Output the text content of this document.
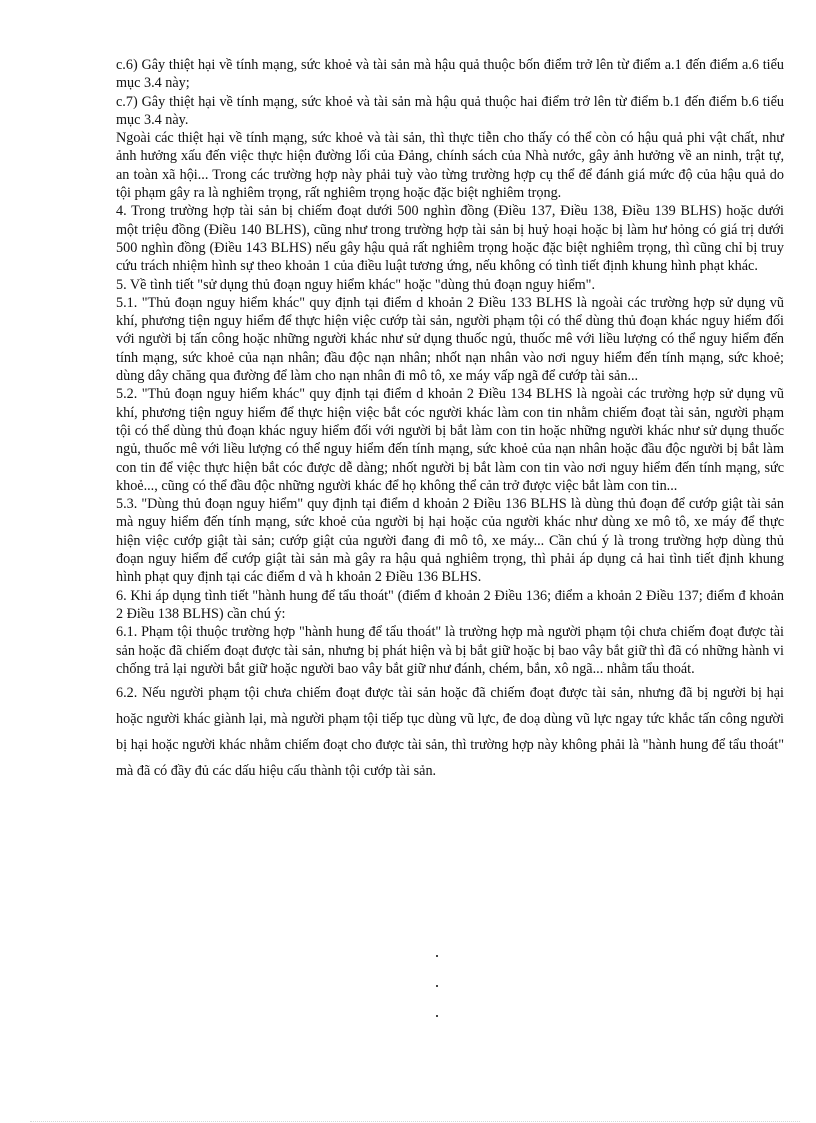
c.6) Gây thiệt hại về tính mạng, sức khoẻ và tài sản mà hậu quả thuộc bốn điểm trở lên từ điểm a.1 đến điểm a.6 tiểu mục 3.4 này;

c.7) Gây thiệt hại về tính mạng, sức khoẻ và tài sản mà hậu quả thuộc hai điểm trở lên từ điểm b.1 đến điểm b.6 tiểu mục 3.4 này.

Ngoài các thiệt hại về tính mạng, sức khoẻ và tài sản, thì thực tiễn cho thấy có thể còn có hậu quả phi vật chất, như ảnh hưởng xấu đến việc thực hiện đường lối của Đảng, chính sách của Nhà nước, gây ảnh hưởng về an ninh, trật tự, an toàn xã hội... Trong các trường hợp này phải tuỳ vào từng trường hợp cụ thể để đánh giá mức độ của hậu quả do tội phạm gây ra là nghiêm trọng, rất nghiêm trọng hoặc đặc biệt nghiêm trọng.

4. Trong trường hợp tài sản bị chiếm đoạt dưới 500 nghìn đồng (Điều 137, Điều 138, Điều 139 BLHS) hoặc dưới một triệu đồng (Điều 140 BLHS), cũng như trong trường hợp tài sản bị huỷ hoại hoặc bị làm hư hỏng có giá trị dưới 500 nghìn đồng (Điều 143 BLHS) nếu gây hậu quả rất nghiêm trọng hoặc đặc biệt nghiêm trọng, thì cũng chỉ bị truy cứu trách nhiệm hình sự theo khoản 1 của điều luật tương ứng, nếu không có tình tiết định khung hình phạt khác.

5. Về tình tiết "sử dụng thủ đoạn nguy hiểm khác" hoặc "dùng thủ đoạn nguy hiểm".

5.1. "Thủ đoạn nguy hiểm khác" quy định tại điểm d khoản 2 Điều 133 BLHS là ngoài các trường hợp sử dụng vũ khí, phương tiện nguy hiểm để thực hiện việc cướp tài sản, người phạm tội có thể dùng thủ đoạn khác nguy hiểm đối với người bị tấn công hoặc những người khác như sử dụng thuốc ngủ, thuốc mê với liều lượng có thể nguy hiểm đến tính mạng, sức khoẻ của nạn nhân; đầu độc nạn nhân; nhốt nạn nhân vào nơi nguy hiểm đến tính mạng, sức khoẻ; dùng dây chăng qua đường để làm cho nạn nhân đi mô tô, xe máy vấp ngã để cướp tài sản...

5.2. "Thủ đoạn nguy hiểm khác" quy định tại điểm d khoản 2 Điều 134 BLHS là ngoài các trường hợp sử dụng vũ khí, phương tiện nguy hiểm để thực hiện việc bắt cóc người khác làm con tin nhằm chiếm đoạt tài sản, người phạm tội có thể dùng thủ đoạn khác nguy hiểm đối với người bị bắt làm con tin hoặc những người khác như sử dụng thuốc ngủ, thuốc mê với liều lượng có thể nguy hiểm đến tính mạng, sức khoẻ của nạn nhân hoặc đầu độc người bị bắt làm con tin để việc thực hiện bắt cóc được dễ dàng; nhốt người bị bắt làm con tin vào nơi nguy hiểm đến tính mạng, sức khoẻ..., cũng có thể đầu độc những người khác để họ không thể cản trở được việc bắt làm con tin...

5.3. "Dùng thủ đoạn nguy hiểm" quy định tại điểm d khoản 2 Điều 136 BLHS là dùng thủ đoạn để cướp giật tài sản mà nguy hiểm đến tính mạng, sức khoẻ của người bị hại hoặc của người khác như dùng xe mô tô, xe máy để thực hiện việc cướp giật tài sản; cướp giật của người đang đi mô tô, xe máy... Cần chú ý là trong trường hợp dùng thủ đoạn nguy hiểm để cướp giật tài sản mà gây ra hậu quả nghiêm trọng, thì phải áp dụng cả hai tình tiết định khung hình phạt quy định tại các điểm d và h khoản 2 Điều 136 BLHS.

6. Khi áp dụng tình tiết "hành hung để tẩu thoát" (điểm đ khoản 2 Điều 136; điểm a khoản 2 Điều 137; điểm đ khoản 2 Điều 138 BLHS) cần chú ý:

6.1. Phạm tội thuộc trường hợp "hành hung để tẩu thoát" là trường hợp mà người phạm tội chưa chiếm đoạt được tài sản hoặc đã chiếm đoạt được tài sản, nhưng bị phát hiện và bị bắt giữ hoặc bị bao vây bắt giữ thì đã có những hành vi chống trả lại người bắt giữ hoặc người bao vây bắt giữ như đánh, chém, bắn, xô ngã... nhằm tẩu thoát.

6.2. Nếu người phạm tội chưa chiếm đoạt được tài sản hoặc đã chiếm đoạt được tài sản, nhưng đã bị người bị hại hoặc người khác giành lại, mà người phạm tội tiếp tục dùng vũ lực, đe doạ dùng vũ lực ngay tức khắc tấn công người bị hại hoặc người khác nhằm chiếm đoạt cho được tài sản, thì trường hợp này không phải là "hành hung để tẩu thoát" mà đã có đầy đủ các dấu hiệu cấu thành tội cướp tài sản.
